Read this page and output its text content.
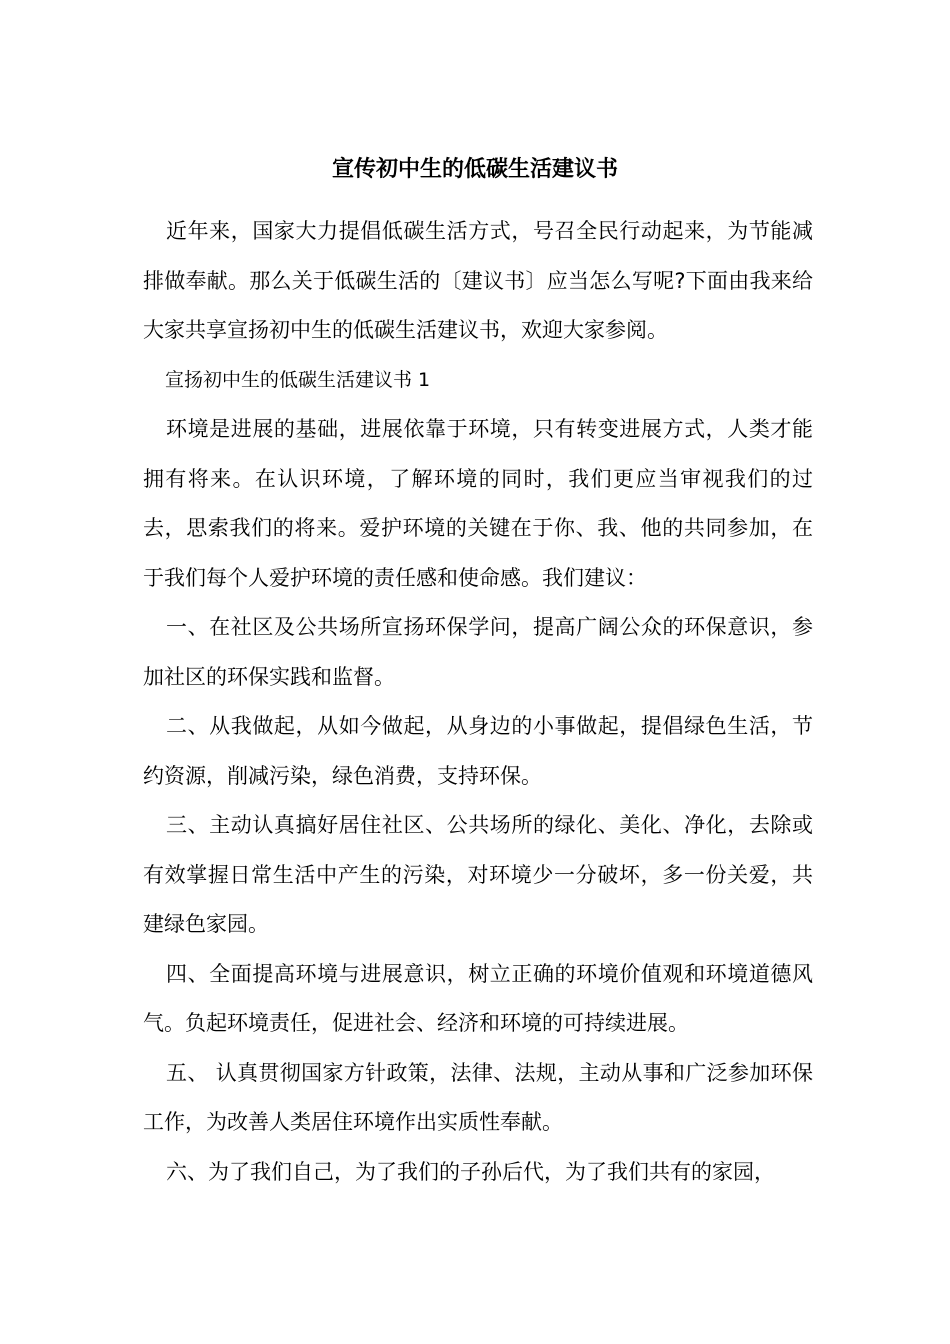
宣传初中生的低碳生活建议书

近年来，国家大力提倡低碳生活方式，号召全民行动起来，为节能减排做奉献。那么关于低碳生活的〔建议书〕应当怎么写呢?下面由我来给大家共享宣扬初中生的低碳生活建议书，欢迎大家参阅。

宣扬初中生的低碳生活建议书 1

环境是进展的基础，进展依靠于环境，只有转变进展方式，人类才能拥有将来。在认识环境，了解环境的同时，我们更应当审视我们的过去，思索我们的将来。爱护环境的关键在于你、我、他的共同参加，在于我们每个人爱护环境的责任感和使命感。我们建议：

一、在社区及公共场所宣扬环保学问，提高广阔公众的环保意识，参加社区的环保实践和监督。

二、从我做起，从如今做起，从身边的小事做起，提倡绿色生活，节约资源，削减污染，绿色消费，支持环保。

三、主动认真搞好居住社区、公共场所的绿化、美化、净化，去除或有效掌握日常生活中产生的污染，对环境少一分破坏，多一份关爱，共建绿色家园。

四、全面提高环境与进展意识，树立正确的环境价值观和环境道德风气。负起环境责任，促进社会、经济和环境的可持续进展。

五、 认真贯彻国家方针政策，法律、法规，主动从事和广泛参加环保工作，为改善人类居住环境作出实质性奉献。

六、为了我们自己，为了我们的子孙后代，为了我们共有的家园，
